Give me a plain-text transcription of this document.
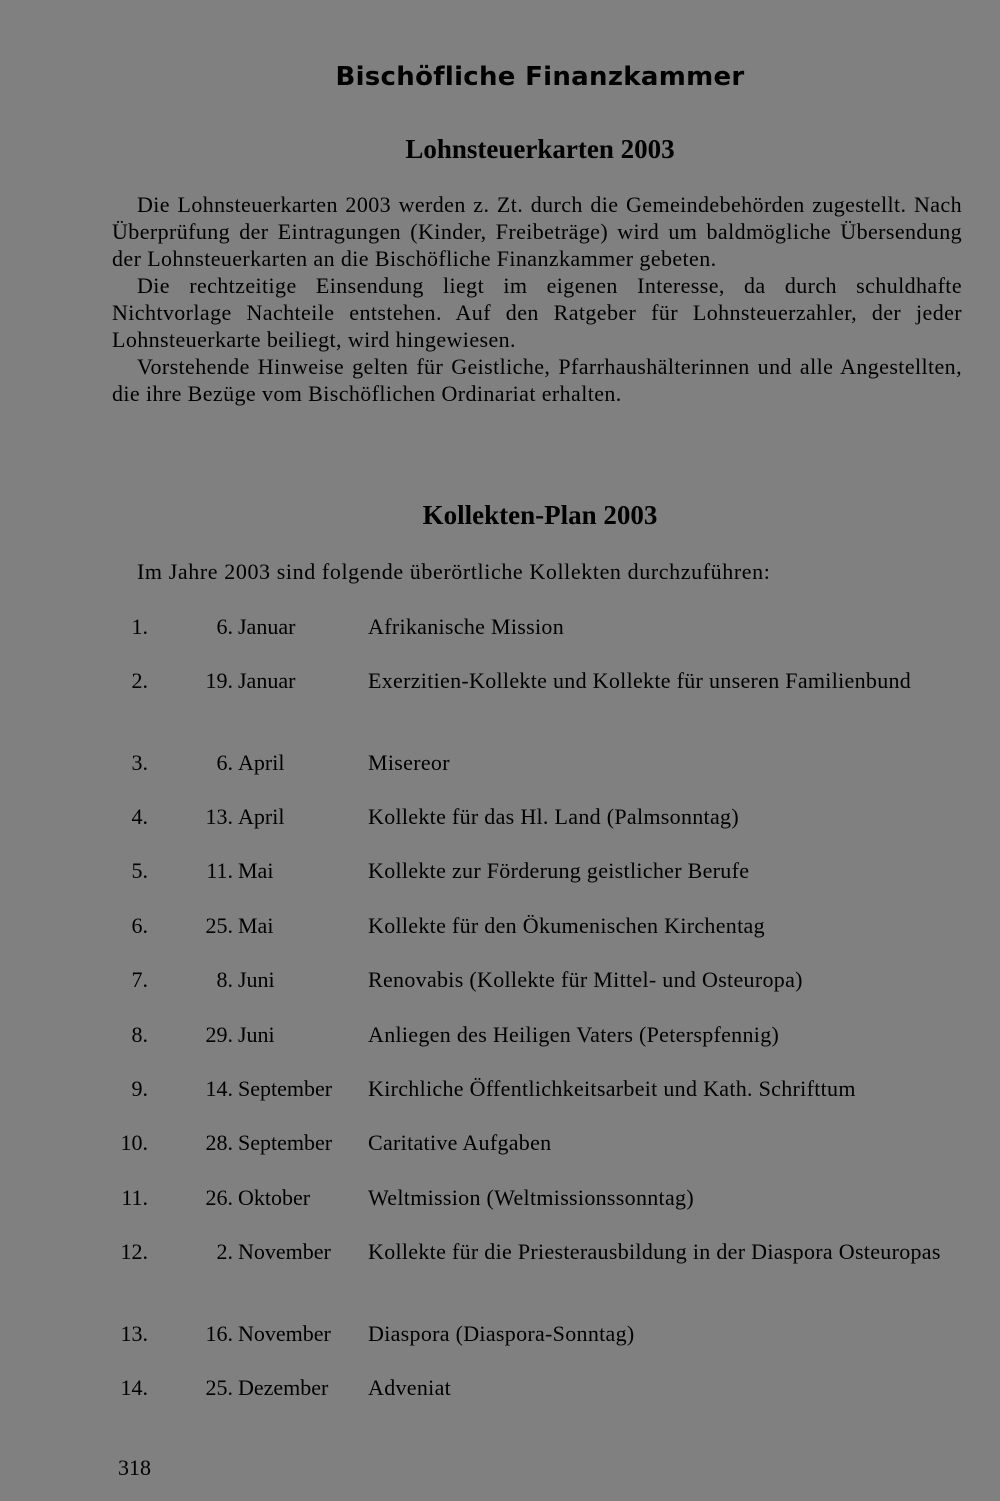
Bischöfliche Finanzkammer
Lohnsteuerkarten 2003

Die Lohnsteuerkarten 2003 werden z. Zt. durch die Gemeindebehörden zugestellt. Nach Überprüfung der Eintragungen (Kinder, Freibeträge) wird um baldmögliche Übersendung der Lohnsteuerkarten an die Bischöfliche Finanzkammer gebeten.

Die rechtzeitige Einsendung liegt im eigenen Interesse, da durch schuldhafte Nichtvorlage Nachteile entstehen. Auf den Ratgeber für Lohnsteuerzahler, der jeder Lohnsteuerkarte beiliegt, wird hingewiesen.

Vorstehende Hinweise gelten für Geistliche, Pfarrhaushälterinnen und alle Angestellten, die ihre Bezüge vom Bischöflichen Ordinariat erhalten.

Kollekten-Plan 2003
Im Jahre 2003 sind folgende überörtliche Kollekten durchzuführen:
1.	6. Januar	Afrikanische Mission
2.	19. Januar	Exerzitien-Kollekte und Kollekte für unseren Familienbund
3.	6. April	Misereor
4.	13. April	Kollekte für das Hl. Land (Palmsonntag)
5.	11. Mai	Kollekte zur Förderung geistlicher Berufe
6.	25. Mai	Kollekte für den Ökumenischen Kirchentag
7.	8. Juni	Renovabis (Kollekte für Mittel- und Osteuropa)
8.	29. Juni	Anliegen des Heiligen Vaters (Peterspfennig)
9.	14. September Kirchliche Öffentlichkeitsarbeit und Kath. Schrifttum
10.	28. September Caritative Aufgaben
11.	26. Oktober	Weltmission (Weltmissionssonntag)
12.	2. November Kollekte für die Priesterausbildung in der Diaspora Osteuropas
13.	16. November Diaspora (Diaspora-Sonntag)
14.	25. Dezember Adveniat
318
